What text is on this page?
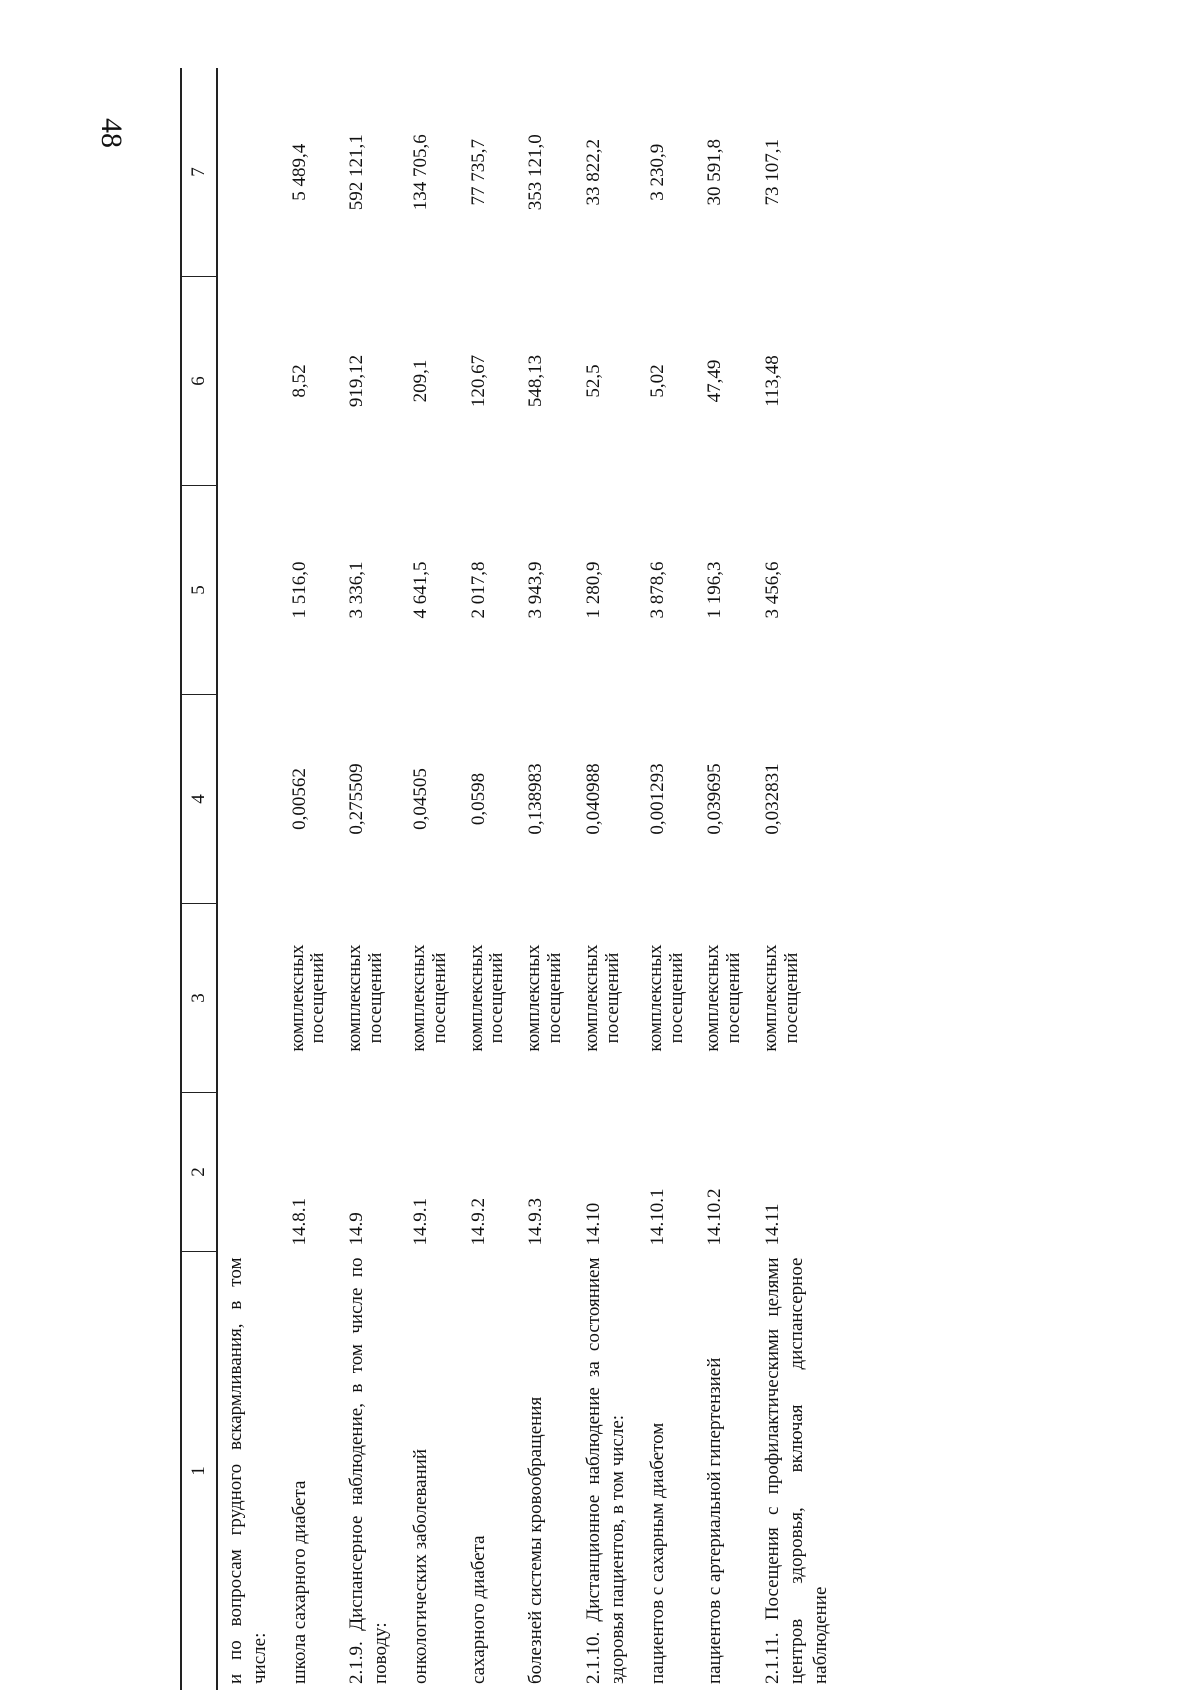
48
1	2	3	4	5	6	7
и по вопросам грудного вскармливания, в том числе:						
школа сахарного диабета	14.8.1	комплексных посещений	0,00562	1 516,0	8,52	5 489,4
2.1.9. Диспансерное наблюдение, в том числе по поводу:	14.9	комплексных посещений	0,275509	3 336,1	919,12	592 121,1
онкологических заболеваний	14.9.1	комплексных посещений	0,04505	4 641,5	209,1	134 705,6
сахарного диабета	14.9.2	комплексных посещений	0,0598	2 017,8	120,67	77 735,7
болезней системы кровообращения	14.9.3	комплексных посещений	0,138983	3 943,9	548,13	353 121,0
2.1.10. Дистанционное наблюдение за состоянием здоровья пациентов, в том числе:	14.10	комплексных посещений	0,040988	1 280,9	52,5	33 822,2
пациентов с сахарным диабетом	14.10.1	комплексных посещений	0,001293	3 878,6	5,02	3 230,9
пациентов с артериальной гипертензией	14.10.2	комплексных посещений	0,039695	1 196,3	47,49	30 591,8
2.1.11. Посещения с профилактическими целями центров здоровья, включая диспансерное наблюдение	14.11	комплексных посещений	0,032831	3 456,6	113,48	73 107,1
